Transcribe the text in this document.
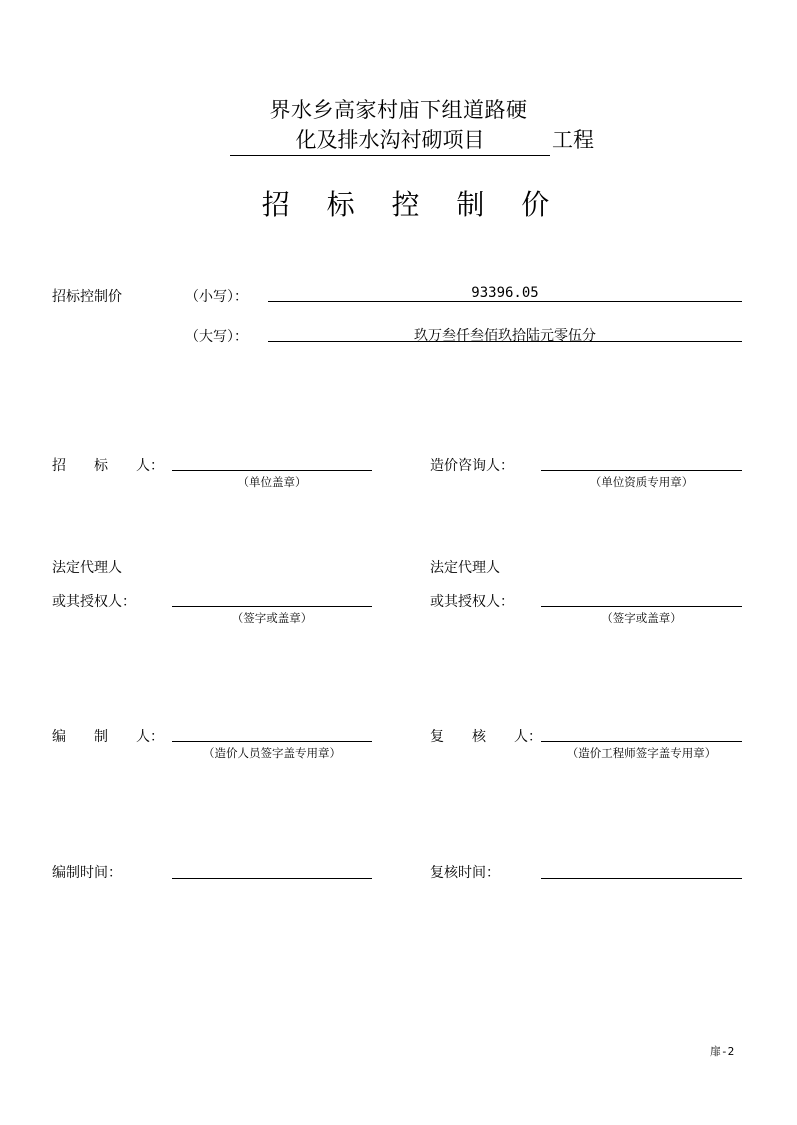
界水乡高家村庙下组道路硬
化及排水沟衬砌项目	工程
招 标 控 制 价
招标控制价	（小写）：	93396.05
（大写）：	玖万叁仟叁佰玖拾陆元零伍分
招　　标　　人：
（单位盖章）
造价咨询人：
（单位资质专用章）
法定代理人
或其授权人：
（签字或盖章）
法定代理人
或其授权人：
（签字或盖章）
编　　制　　人：
（造价人员签字盖专用章）
复　　核　　人：
（造价工程师签字盖专用章）
编制时间：	复核时间：
扉-2
